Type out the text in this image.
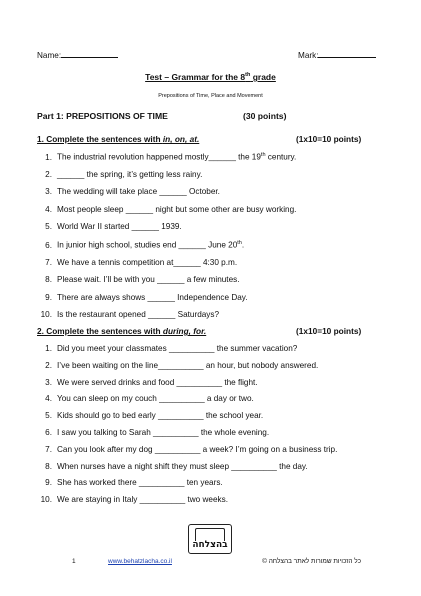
Name:	Mark:
Test – Grammar for the 8th grade
Prepositions of Time, Place and Movement
Part 1: PREPOSITIONS OF TIME	(30 points)
1. Complete the sentences with in, on, at.	(1x10=10 points)
1. The industrial revolution happened mostly______ the 19th century.
2. ______ the spring, it’s getting less rainy.
3. The wedding will take place ______ October.
4. Most people sleep ______ night but some other are busy working.
5. World War II started ______ 1939.
6. In junior high school, studies end ______ June 20th.
7. We have a tennis competition at______ 4:30 p.m.
8. Please wait. I’ll be with you ______ a few minutes.
9. There are always shows ______ Independence Day.
10. Is the restaurant opened ______ Saturdays?
2. Complete the sentences with during, for.	(1x10=10 points)
1. Did you meet your classmates __________ the summer vacation?
2. I’ve been waiting on the line__________ an hour, but nobody answered.
3. We were served drinks and food __________ the flight.
4. You can sleep on my couch __________ a day or two.
5. Kids should go to bed early __________ the school year.
6. I saw you talking to Sarah __________ the whole evening.
7. Can you look after my dog __________ a week? I’m going on a business trip.
8. When nurses have a night shift they must sleep __________ the day.
9. She has worked there __________ ten years.
10. We are staying in Italy __________ two weeks.
בהצלחה
1	www.behatzlacha.co.il	כל הזכויות שמורות לאתר בהצלחה ©
